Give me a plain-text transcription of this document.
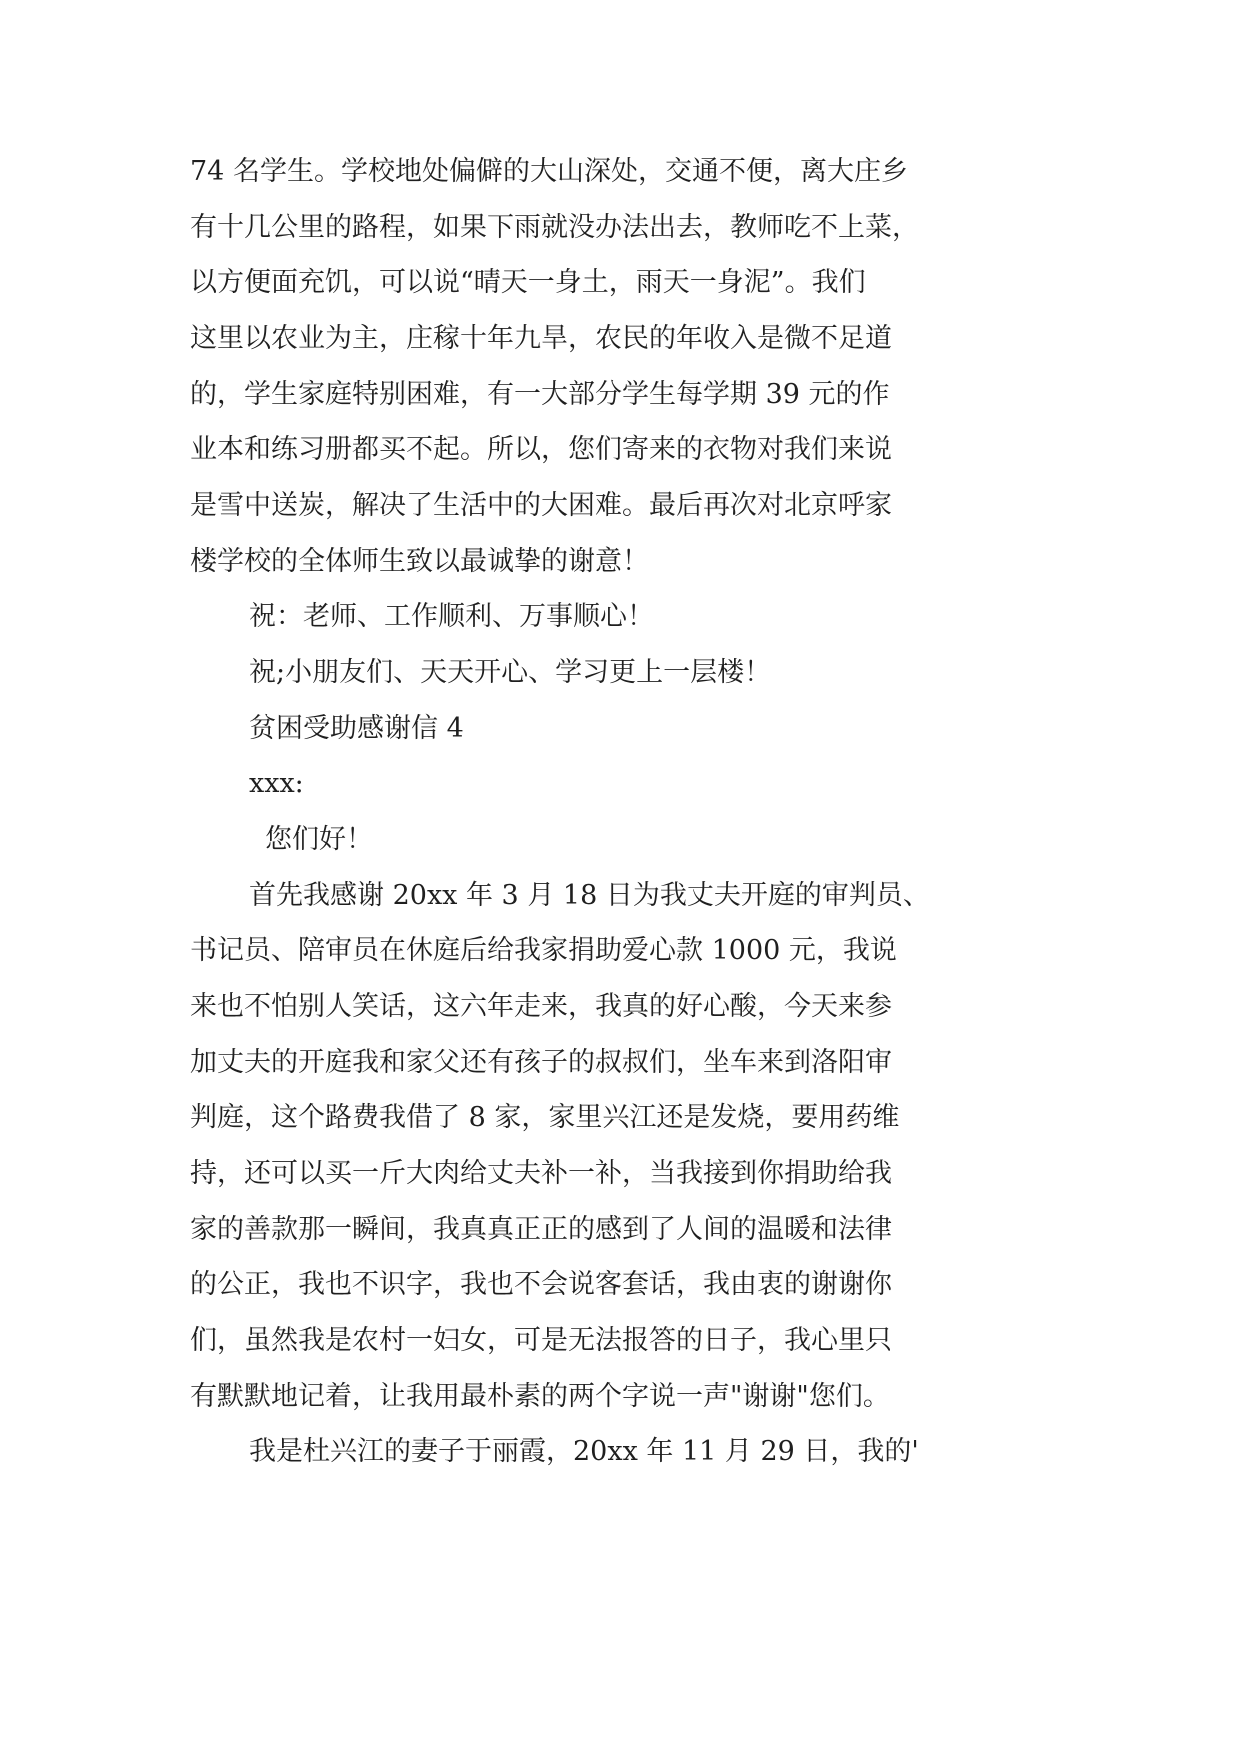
74 名学生。学校地处偏僻的大山深处，交通不便，离大庄乡
有十几公里的路程，如果下雨就没办法出去，教师吃不上菜，
以方便面充饥，可以说“晴天一身土，雨天一身泥”。我们
这里以农业为主，庄稼十年九旱，农民的年收入是微不足道
的，学生家庭特别困难，有一大部分学生每学期 39 元的作
业本和练习册都买不起。所以，您们寄来的衣物对我们来说
是雪中送炭，解决了生活中的大困难。最后再次对北京呼家
楼学校的全体师生致以最诚挚的谢意！
祝：老师、工作顺利、万事顺心！
祝;小朋友们、天天开心、学习更上一层楼！
贫困受助感谢信 4
xxx:
您们好！
首先我感谢 20xx 年 3 月 18 日为我丈夫开庭的审判员、
书记员、陪审员在休庭后给我家捐助爱心款 1000 元，我说
来也不怕别人笑话，这六年走来，我真的好心酸，今天来参
加丈夫的开庭我和家父还有孩子的叔叔们，坐车来到洛阳审
判庭，这个路费我借了 8 家，家里兴江还是发烧，要用药维
持，还可以买一斤大肉给丈夫补一补，当我接到你捐助给我
家的善款那一瞬间，我真真正正的感到了人间的温暖和法律
的公正，我也不识字，我也不会说客套话，我由衷的谢谢你
们，虽然我是农村一妇女，可是无法报答的日子，我心里只
有默默地记着，让我用最朴素的两个字说一声"谢谢"您们。
我是杜兴江的妻子于丽霞，20xx 年 11 月 29 日，我的'
